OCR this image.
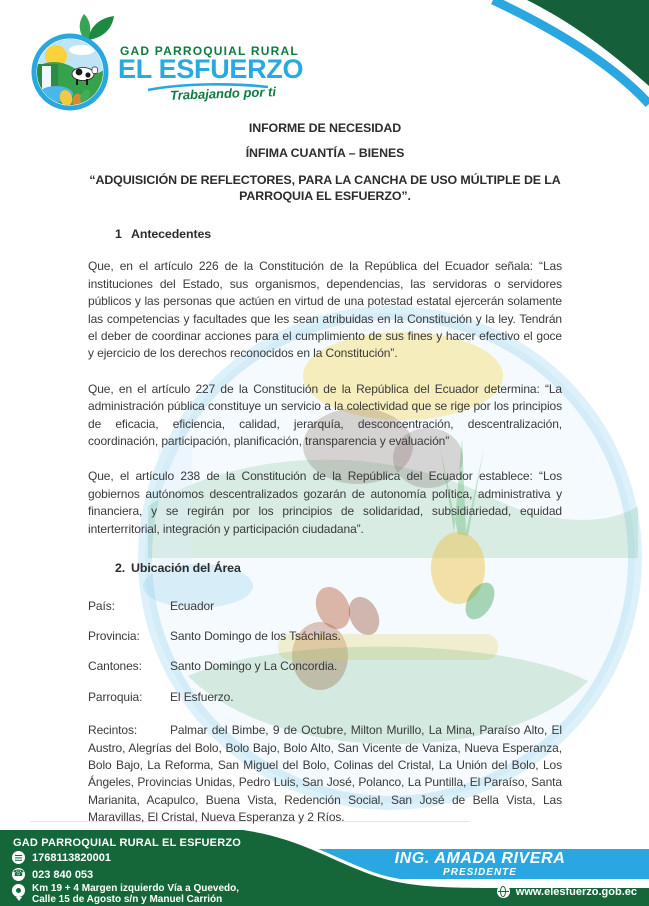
GAD PARROQUIAL RURAL
EL ESFUERZO
Trabajando por ti

INFORME DE NECESIDAD

ÍNFIMA CUANTÍA – BIENES

“ADQUISICIÓN DE REFLECTORES, PARA LA CANCHA DE USO MÚLTIPLE DE LA PARROQUIA EL ESFUERZO”.

1 Antecedentes

Que, en el artículo 226 de la Constitución de la República del Ecuador señala: “Las instituciones del Estado, sus organismos, dependencias, las servidoras o servidores públicos y las personas que actúen en virtud de una potestad estatal ejercerán solamente las competencias y facultades que les sean atribuidas en la Constitución y la ley. Tendrán el deber de coordinar acciones para el cumplimiento de sus fines y hacer efectivo el goce y ejercicio de los derechos reconocidos en la Constitución”.

Que, en el artículo 227 de la Constitución de la República del Ecuador determina: “La administración pública constituye un servicio a la colectividad que se rige por los principios de eficacia, eficiencia, calidad, jerarquía, desconcentración, descentralización, coordinación, participación, planificación, transparencia y evaluación”

Que, el artículo 238 de la Constitución de la República del Ecuador establece: “Los gobiernos autónomos descentralizados gozarán de autonomía política, administrativa y financiera, y se regirán por los principios de solidaridad, subsidiariedad, equidad interterritorial, integración y participación ciudadana”.

2. Ubicación del Área

País:	Ecuador
Provincia:	Santo Domingo de los Tsáchilas.
Cantones: Santo Domingo y La Concordia.
Parroquia: El Esfuerzo.

Recintos:	Palmar del Bimbe, 9 de Octubre, Milton Murillo, La Mina, Paraíso Alto, El Austro, Alegrías del Bolo, Bolo Bajo, Bolo Alto, San Vicente de Vaniza, Nueva Esperanza, Bolo Bajo, La Reforma, San Miguel del Bolo, Colinas del Cristal, La Unión del Bolo, Los Ángeles, Provincias Unidas, Pedro Luis, San José, Polanco, La Puntilla, El Paraíso, Santa Marianita, Acapulco, Buena Vista, Redención Social, San José de Bella Vista, Las Maravillas, El Cristal, Nueva Esperanza y 2 Ríos.

GAD PARROQUIAL RURAL EL ESFUERZO
1768113820001
☎ 023 840 053
Km 19 + 4 Margen izquierdo Vía a Quevedo,
Calle 15 de Agosto s/n y Manuel Carrión
ING. AMADA RIVERA
PRESIDENTE
www.elesfuerzo.gob.ec
